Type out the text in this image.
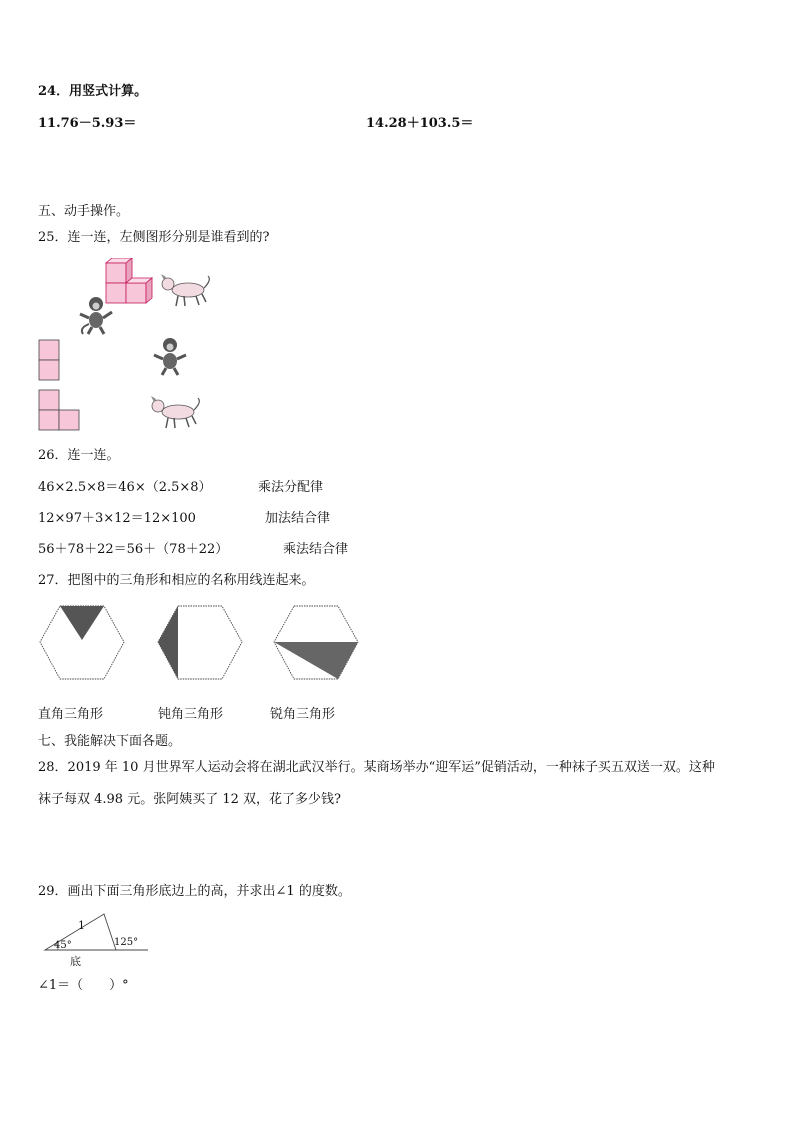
24．用竖式计算。
11.76－5.93＝	14.28＋103.5＝
五、动手操作。
25．连一连，左侧图形分别是谁看到的?
26．连一连。
46×2.5×8＝46×（2.5×8）	乘法分配律
12×97＋3×12＝12×100	加法结合律
56＋78＋22＝56＋（78＋22）	乘法结合律
27．把图中的三角形和相应的名称用线连起来。
直角三角形	钝角三角形	锐角三角形
七、我能解决下面各题。
28．2019 年 10 月世界军人运动会将在湖北武汉举行。某商场举办“迎军运”促销活动，一种袜子买五双送一双。这种
袜子每双 4.98 元。张阿姨买了 12 双，花了多少钱?
29．画出下面三角形底边上的高，并求出∠1 的度数。
1
45°	125°
底
∠1＝（　　）°
